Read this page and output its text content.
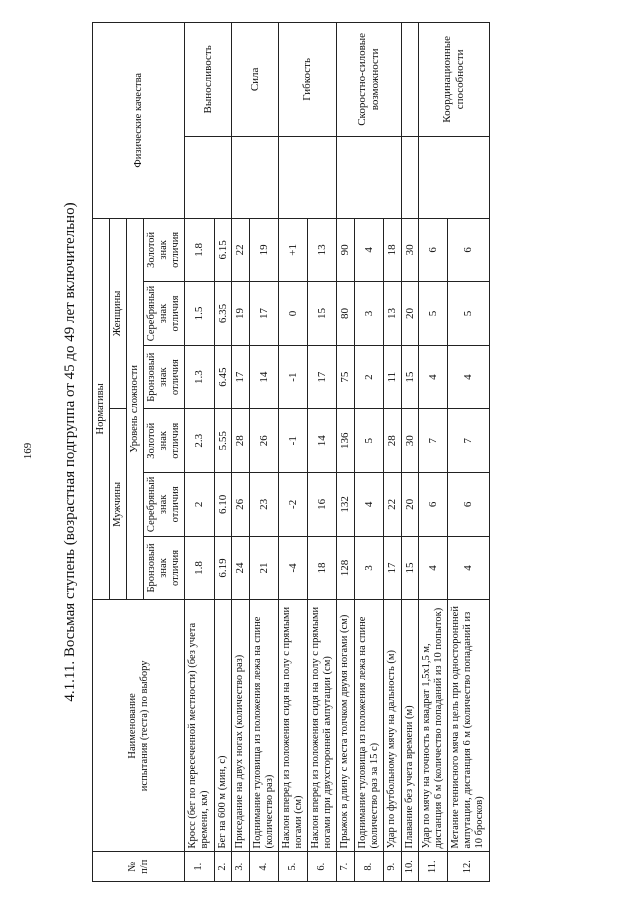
169	4.1.11. Восьмая ступень (возрастная подгруппа от 45 до 49 лет включительно)
№ п/п	Наименование испытания (теста) по выбору	Нормативы						Физические качества	
		Мужчины			Женщины				
		Уровень сложности							

		Бронзовый знак отличия	Серебряный знак отличия	Золотой знак отличия	Бронзовый знак отличия	Серебряный знак отличия	Золотой знак отличия		

1.	Кросс (бег по пересеченной местности) (без учета времени, км)	1.8	2	2.3	1.3	1.5	1.8		Выносливость
2.	Бег на 600 м (мин, с)	6.19	6.10	5.55	6.45	6.35	6.15		
3.	Приседание на двух ногах (количество раз)	24	26	28	17	19	22		Сила
4.	Поднимание туловища из положения лежа на спине (количество раз)	21	23	26	14	17	19		
5.	Наклон вперед из положения сидя на полу с прямыми ногами (см)	-4	-2	-1	-1	0	+1		Гибкость
6.	Наклон вперед из положения сидя на полу с прямыми ногами при двухсторонней ампутации (см)	18	16	14	17	15	13		
7.	Прыжок в длину с места толчком двумя ногами (см)	128	132	136	75	80	90		Скоростно-силовые возможности
8.	Поднимание туловища из положения лежа на спине (количество раз за 15 с)	3	4	5	2	3	4		
9.	Удар по футбольному мячу на дальность (м)	17	22	28	11	13	18		
10.	Плавание без учета времени (м)	15	20	30	15	20	30		
11.	Удар по мячу на точность в квадрат 1,5х1,5 м, дистанция 6 м (количество попаданий из 10 попыток)	4	6	7	4	5	6		Координационные способности
12.	Метание теннисного мяча в цель при одностороннней ампутации, дистанция 6 м (количество попаданий из 10 бросков)	4	6	7	4	5	6		
